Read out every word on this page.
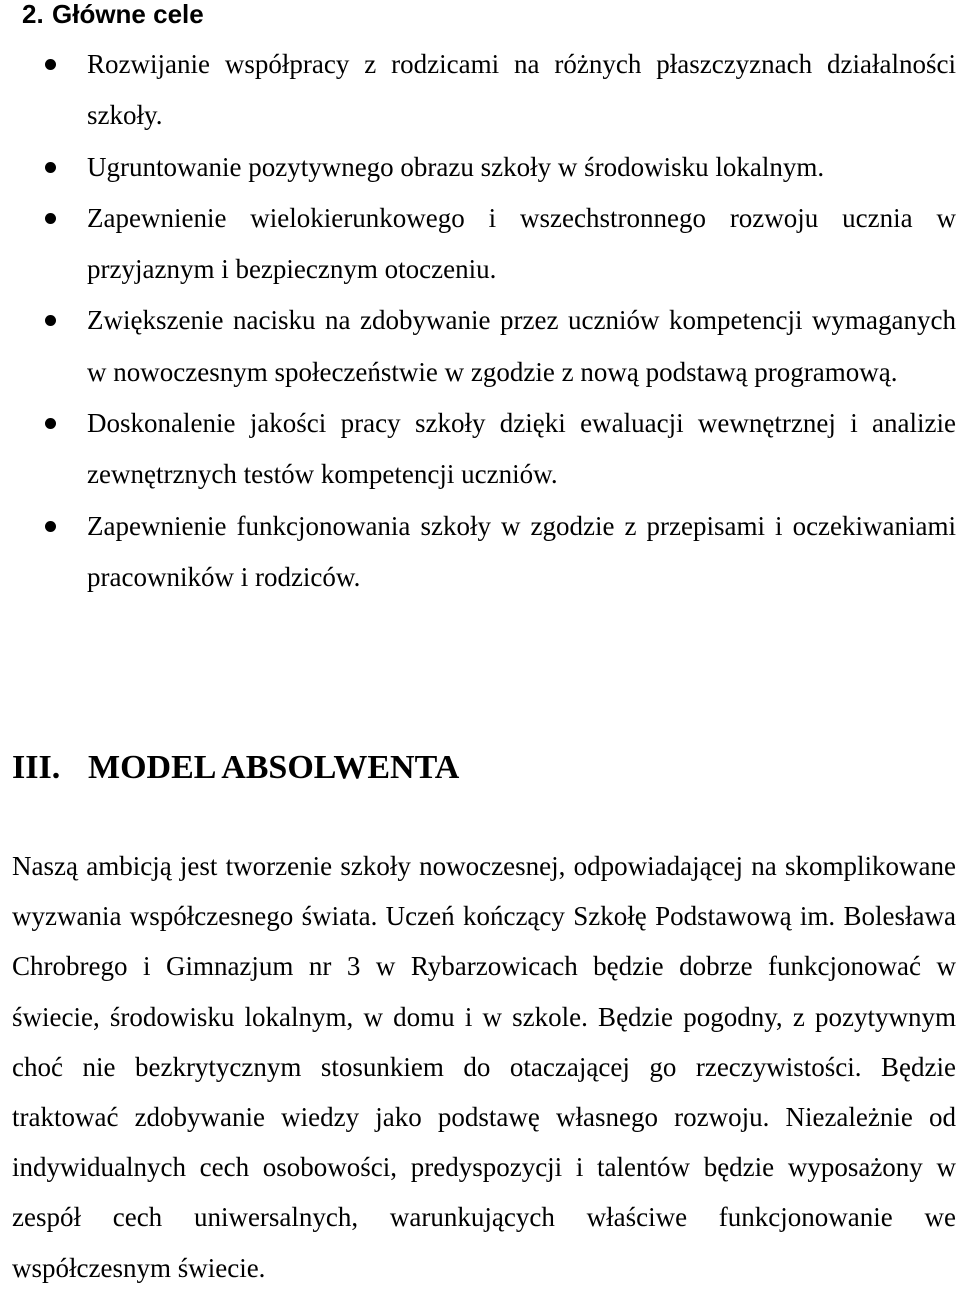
2. Główne cele
Rozwijanie współpracy z rodzicami na różnych płaszczyznach działalności szkoły.
Ugruntowanie pozytywnego obrazu szkoły w środowisku lokalnym.
Zapewnienie wielokierunkowego i wszechstronnego rozwoju ucznia w przyjaznym i bezpiecznym otoczeniu.
Zwiększenie nacisku na zdobywanie przez uczniów kompetencji wymaganych w nowoczesnym społeczeństwie w zgodzie z nową podstawą programową.
Doskonalenie jakości pracy szkoły dzięki ewaluacji wewnętrznej i analizie zewnętrznych testów kompetencji uczniów.
Zapewnienie funkcjonowania szkoły w zgodzie z przepisami i oczekiwaniami pracowników i rodziców.
III. MODEL ABSOLWENTA

Naszą ambicją jest tworzenie szkoły nowoczesnej, odpowiadającej na skomplikowane wyzwania współczesnego świata. Uczeń kończący Szkołę Podstawową im. Bolesława Chrobrego i Gimnazjum nr 3 w Rybarzowicach będzie dobrze funkcjonować w świecie, środowisku lokalnym, w domu i w szkole. Będzie pogodny, z pozytywnym choć nie bezkrytycznym stosunkiem do otaczającej go rzeczywistości. Będzie traktować zdobywanie wiedzy jako podstawę własnego rozwoju. Niezależnie od indywidualnych cech osobowości, predyspozycji i talentów będzie wyposażony w zespół cech uniwersalnych, warunkujących właściwe funkcjonowanie we współczesnym świecie.
